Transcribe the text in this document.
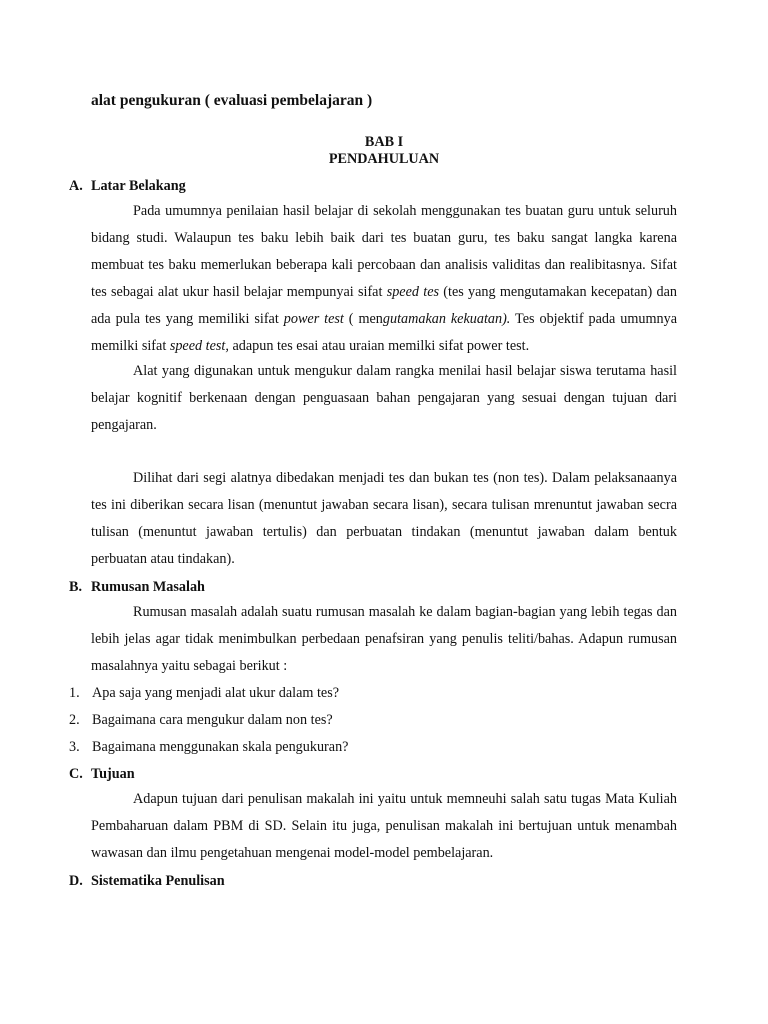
alat pengukuran ( evaluasi pembelajaran )
BAB I
PENDAHULUAN
A. Latar Belakang

Pada umumnya penilaian hasil belajar di sekolah menggunakan tes buatan guru untuk seluruh bidang studi. Walaupun tes baku lebih baik dari tes buatan guru, tes baku sangat langka karena membuat tes baku memerlukan beberapa kali percobaan dan analisis validitas dan realibitasnya. Sifat tes sebagai alat ukur hasil belajar mempunyai sifat speed tes (tes yang mengutamakan kecepatan) dan ada pula tes yang memiliki sifat power test ( mengutamakan kekuatan). Tes objektif pada umumnya memilki sifat speed test, adapun tes esai atau uraian memilki sifat power test.

Alat yang digunakan untuk mengukur dalam rangka menilai hasil belajar siswa terutama hasil belajar kognitif berkenaan dengan penguasaan bahan pengajaran yang sesuai dengan tujuan dari pengajaran.

Dilihat dari segi alatnya dibedakan menjadi tes dan bukan tes (non tes). Dalam pelaksanaanya tes ini diberikan secara lisan (menuntut jawaban secara lisan), secara tulisan mrenuntut jawaban secra tulisan (menuntut jawaban tertulis) dan perbuatan tindakan (menuntut jawaban dalam bentuk perbuatan atau tindakan).

B. Rumusan Masalah

Rumusan masalah adalah suatu rumusan masalah ke dalam bagian-bagian yang lebih tegas dan lebih jelas agar tidak menimbulkan perbedaan penafsiran yang penulis teliti/bahas. Adapun rumusan masalahnya yaitu sebagai berikut :

1. Apa saja yang menjadi alat ukur dalam tes?
2. Bagaimana cara mengukur dalam non tes?
3. Bagaimana menggunakan skala pengukuran?
C. Tujuan

Adapun tujuan dari penulisan makalah ini yaitu untuk memneuhi salah satu tugas Mata Kuliah Pembaharuan dalam PBM di SD. Selain itu juga, penulisan makalah ini bertujuan untuk menambah wawasan dan ilmu pengetahuan mengenai model-model pembelajaran.

D. Sistematika Penulisan
